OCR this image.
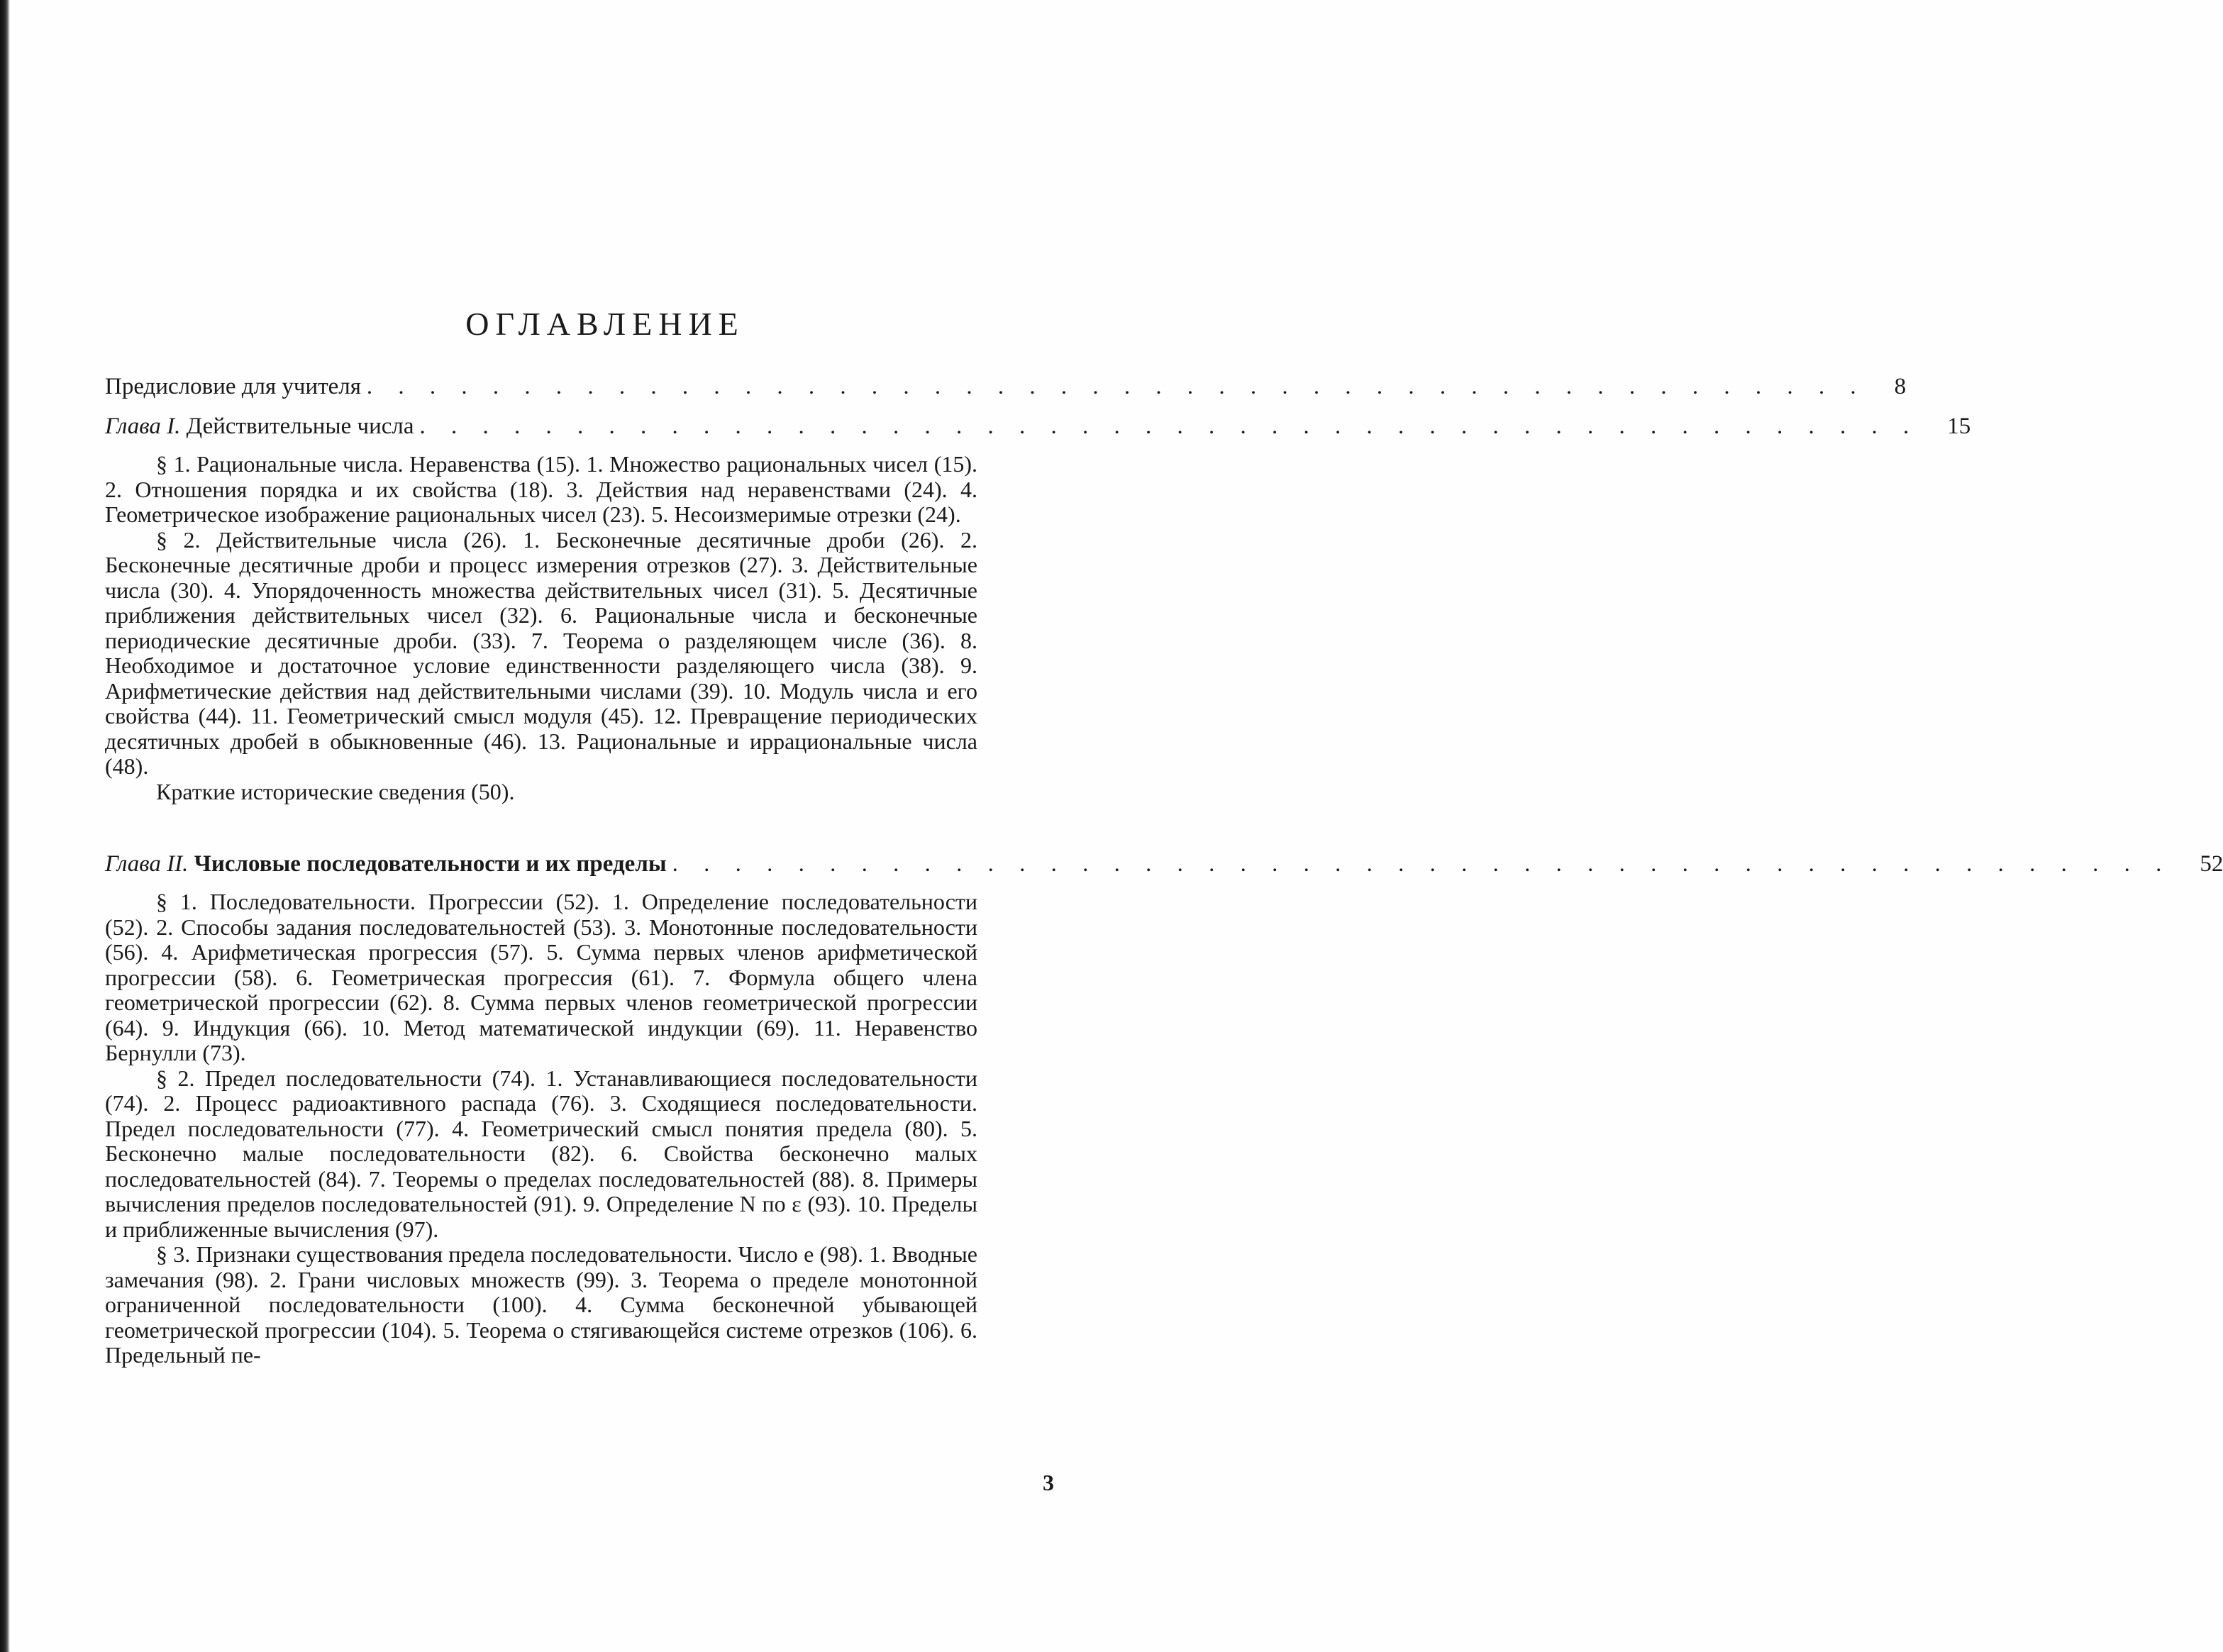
ОГЛАВЛЕНИЕ
Предисловие для учителя . . . . . . . . . . . . . . . . . . . . . . . . . . . . . . . . . . . . . . . . . . . . . . . . 8
Глава I. Действительные числа . . . . . . . . . . . . . . . . . . . . . . . . . . . . . . . . . . . . . . . . . . . . . . . . 15

§ 1. Рациональные числа. Неравенства (15). 1. Множество рациональных чисел (15). 2. Отношения порядка и их свойства (18). 3. Действия над неравенствами (24). 4. Геометрическое изображение рациональных чисел (23). 5. Несоизмеримые отрезки (24).

§ 2. Действительные числа (26). 1. Бесконечные десятичные дроби (26). 2. Бесконечные десятичные дроби и процесс измерения отрезков (27). 3. Действительные числа (30). 4. Упорядоченность множества действительных чисел (31). 5. Десятичные приближения действительных чисел (32). 6. Рациональные числа и бесконечные периодические десятичные дроби. (33). 7. Теорема о разделяющем числе (36). 8. Необходимое и достаточное условие единственности разделяющего числа (38). 9. Арифметические действия над действительными числами (39). 10. Модуль числа и его свойства (44). 11. Геометрический смысл модуля (45). 12. Превращение периодических десятичных дробей в обыкновенные (46). 13. Рациональные и иррациональные числа (48).

Краткие исторические сведения (50).

Глава II. Числовые последовательности и их пределы . . . . . . . . . . . . . . . . . . . . . . . . . . . . . . . . . . . . . . . . . . . . . . . . 52

§ 1. Последовательности. Прогрессии (52). 1. Определение последовательности (52). 2. Способы задания последовательностей (53). 3. Монотонные последовательности (56). 4. Арифметическая прогрессия (57). 5. Сумма первых членов арифметической прогрессии (58). 6. Геометрическая прогрессия (61). 7. Формула общего члена геометрической прогрессии (62). 8. Сумма первых членов геометрической прогрессии (64). 9. Индукция (66). 10. Метод математической индукции (69). 11. Неравенство Бернулли (73).

§ 2. Предел последовательности (74). 1. Устанавливающиеся последовательности (74). 2. Процесс радиоактивного распада (76). 3. Сходящиеся последовательности. Предел последовательности (77). 4. Геометрический смысл понятия предела (80). 5. Бесконечно малые последовательности (82). 6. Свойства бесконечно малых последовательностей (84). 7. Теоремы о пределах последовательностей (88). 8. Примеры вычисления пределов последовательностей (91). 9. Определение N по ε (93). 10. Пределы и приближенные вычисления (97).

§ 3. Признаки существования предела последовательности. Число e (98). 1. Вводные замечания (98). 2. Грани числовых множеств (99). 3. Теорема о пределе монотонной ограниченной последовательности (100). 4. Сумма бесконечной убывающей геометрической прогрессии (104). 5. Теорема о стягивающейся системе отрезков (106). 6. Предельный пе-

3
